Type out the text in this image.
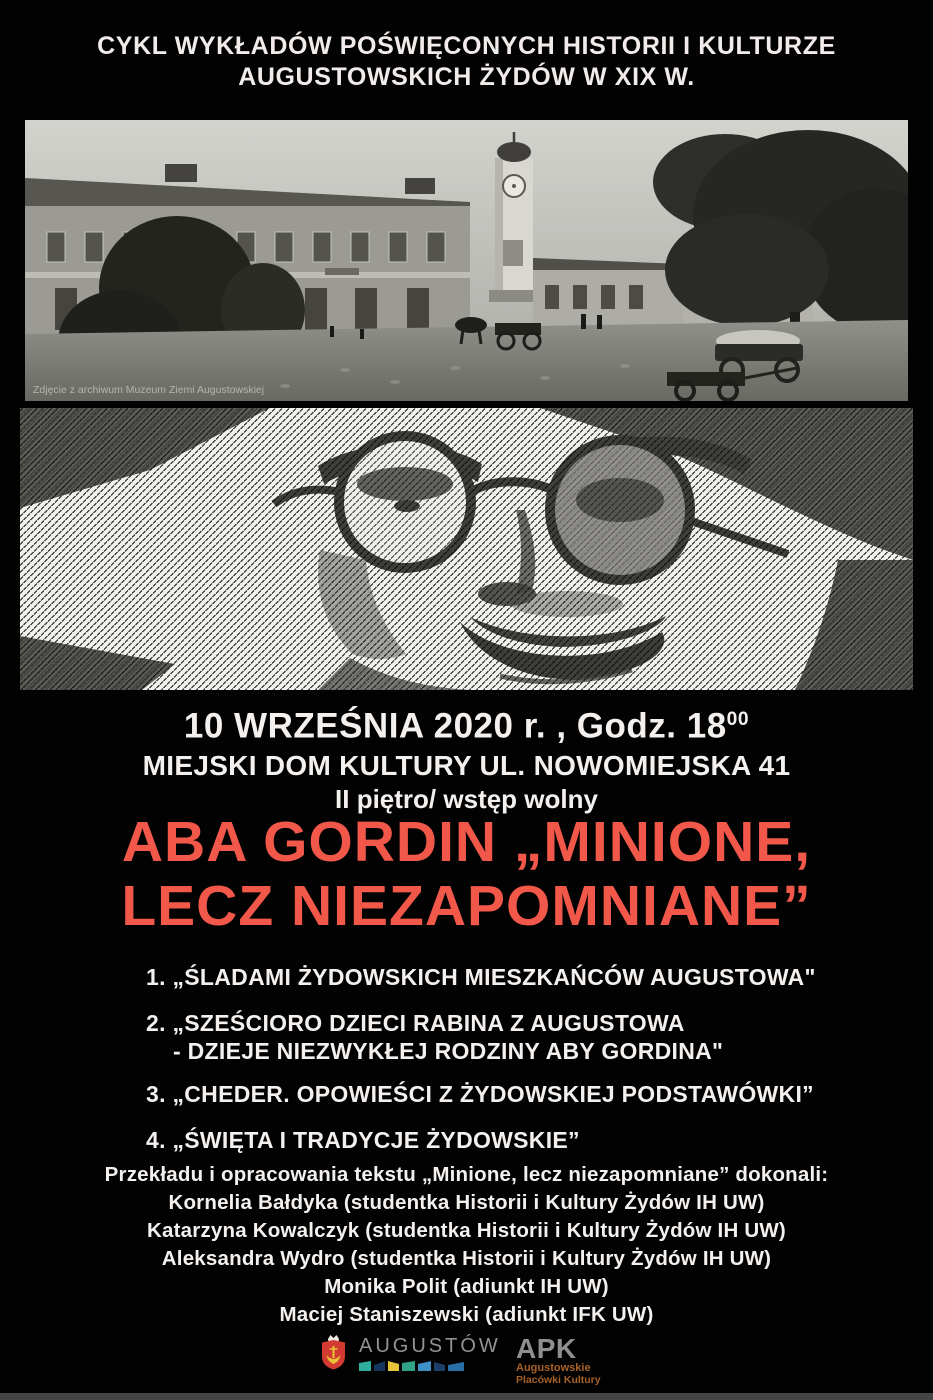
CYKL WYKŁADÓW POŚWIĘCONYCH HISTORII I KULTURZE
AUGUSTOWSKICH ŻYDÓW W XIX W.
Zdjęcie z archiwum Muzeum Ziemi Augustowskiej
10 WRZEŚNIA 2020 r. , Godz. $18^{00}$
MIEJSKI DOM KULTURY UL. NOWOMIEJSKA 41
II piętro/ wstęp wolny
ABA GORDIN „MINIONE,
LECZ NIEZAPOMNIANE”
1. „ŚLADAMI ŻYDOWSKICH MIESZKAŃCÓW AUGUSTOWA"
2. „SZEŚCIORO DZIECI RABINA Z AUGUSTOWA
- DZIEJE NIEZWYKŁEJ RODZINY ABY GORDINA"
3. „CHEDER. OPOWIEŚCI Z ŻYDOWSKIEJ PODSTAWÓWKI”
4. „ŚWIĘTA I TRADYCJE ŻYDOWSKIE”
Przekładu i opracowania tekstu „Minione, lecz niezapomniane” dokonali:
Kornelia Bałdyka (studentka Historii i Kultury Żydów IH UW)
Katarzyna Kowalczyk (studentka Historii i Kultury Żydów IH UW)
Aleksandra Wydro (studentka Historii i Kultury Żydów IH UW)
Monika Polit (adiunkt IH UW)
Maciej Staniszewski (adiunkt IFK UW)
AUGUSTÓW APK
Augustowskie
Placówki Kultury
